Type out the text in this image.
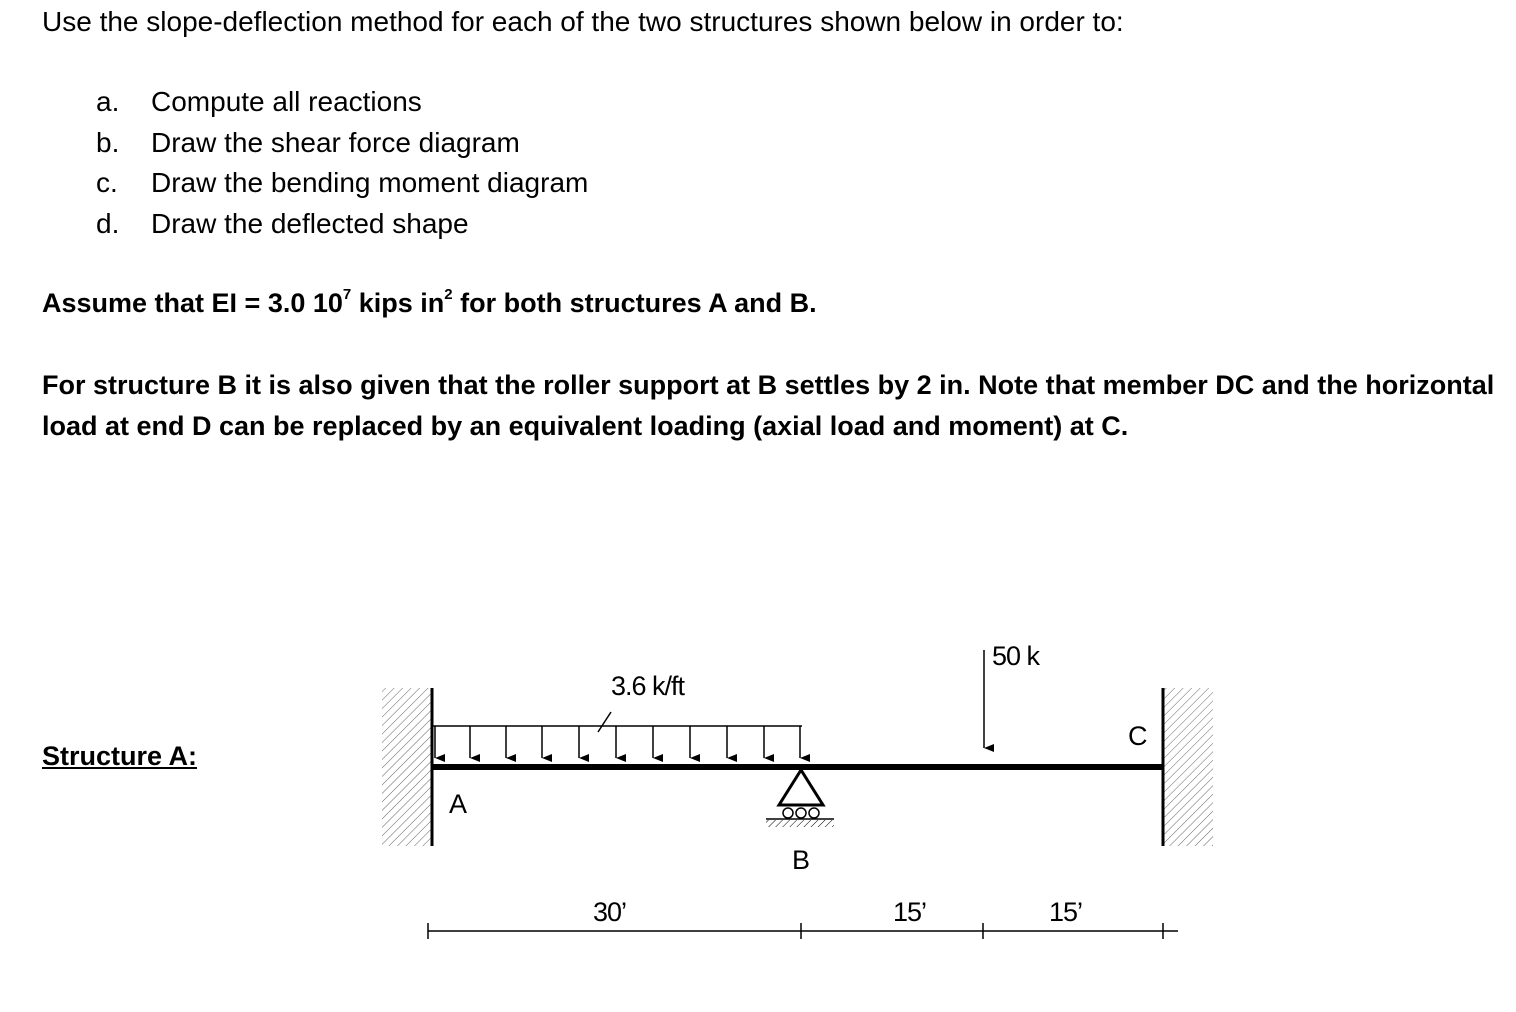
Use the slope-deflection method for each of the two structures shown below in order to:
a.	Compute all reactions
b.	Draw the shear force diagram
c.	Draw the bending moment diagram
d.	Draw the deflected shape
Assume that EI = 3.0 $10^7$ kips $in^2$ for both structures A and B.
For structure B it is also given that the roller support at B settles by 2 in. Note that member DC and the horizontal load at end D can be replaced by an equivalent loading (axial load and moment) at C.
Structure A:
3.6 k/ft
50 k
A
B
C
30’	15’	15’
